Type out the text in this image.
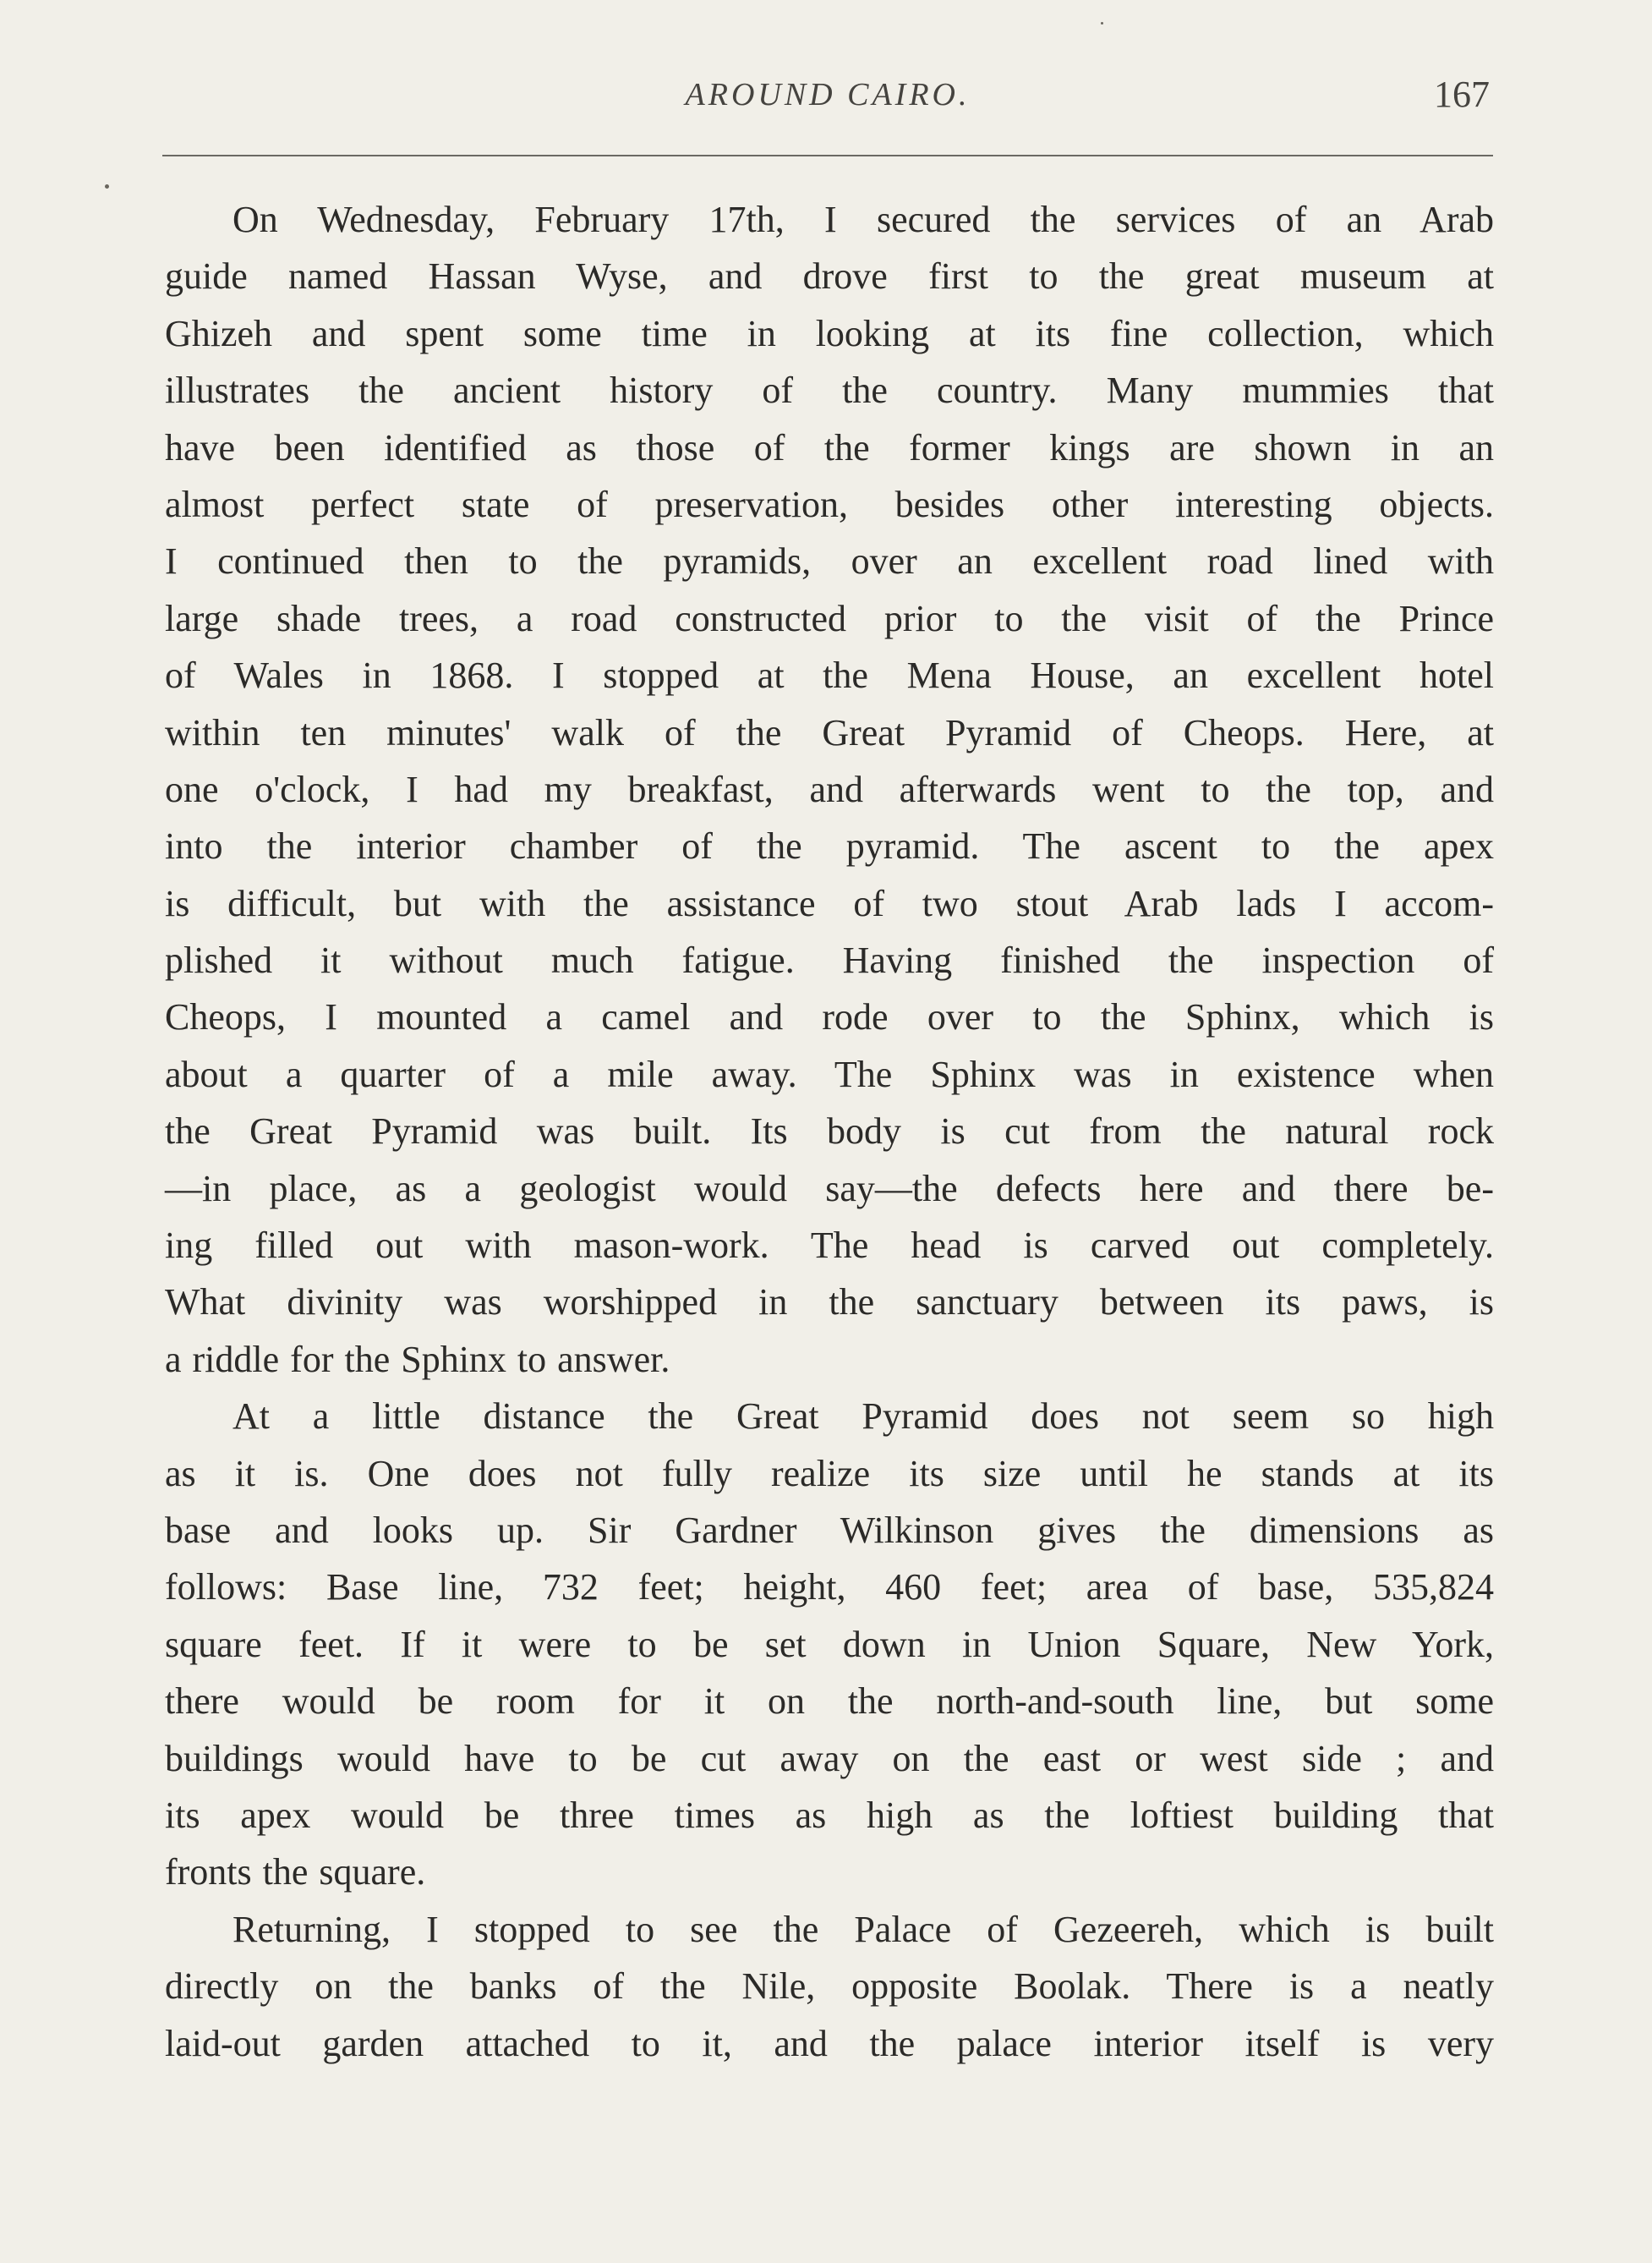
AROUND CAIRO.	167
On Wednesday, February 17th, I secured the services of an Arab
guide named Hassan Wyse, and drove first to the great museum at
Ghizeh and spent some time in looking at its fine collection, which
illustrates the ancient history of the country. Many mummies that
have been identified as those of the former kings are shown in an
almost perfect state of preservation, besides other interesting objects.
I continued then to the pyramids, over an excellent road lined with
large shade trees, a road constructed prior to the visit of the Prince
of Wales in 1868. I stopped at the Mena House, an excellent hotel
within ten minutes' walk of the Great Pyramid of Cheops. Here, at
one o'clock, I had my breakfast, and afterwards went to the top, and
into the interior chamber of the pyramid. The ascent to the apex
is difficult, but with the assistance of two stout Arab lads I accom-
plished it without much fatigue. Having finished the inspection of
Cheops, I mounted a camel and rode over to the Sphinx, which is
about a quarter of a mile away. The Sphinx was in existence when
the Great Pyramid was built. Its body is cut from the natural rock
—in place, as a geologist would say—the defects here and there be-
ing filled out with mason-work. The head is carved out completely.
What divinity was worshipped in the sanctuary between its paws, is
a riddle for the Sphinx to answer.
At a little distance the Great Pyramid does not seem so high
as it is. One does not fully realize its size until he stands at its
base and looks up. Sir Gardner Wilkinson gives the dimensions as
follows: Base line, 732 feet; height, 460 feet; area of base, 535,824
square feet. If it were to be set down in Union Square, New York,
there would be room for it on the north-and-south line, but some
buildings would have to be cut away on the east or west side ; and
its apex would be three times as high as the loftiest building that
fronts the square.
Returning, I stopped to see the Palace of Gezeereh, which is built
directly on the banks of the Nile, opposite Boolak. There is a neatly
laid-out garden attached to it, and the palace interior itself is very
